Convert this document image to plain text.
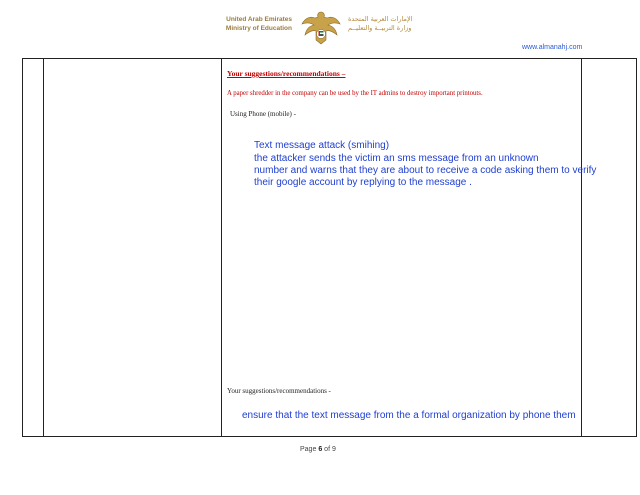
United Arab Emirates
Ministry of Education
الإمارات العربية المتحدة
وزارة التربيــة والتعليــم
www.almanahj.com
Your suggestions/recommendations –
A paper shredder in the company can be used by the IT admins to destroy important printouts.
Using Phone (mobile) -
Text message attack (smihing)
the attacker sends the victim an sms message from an unknown
number and warns that they are about to receive a code asking them to verify
their google account by replying to the message .
Your suggestions/recommendations -
ensure that the text message from the a formal organization by phone them
Page 6 of 9
